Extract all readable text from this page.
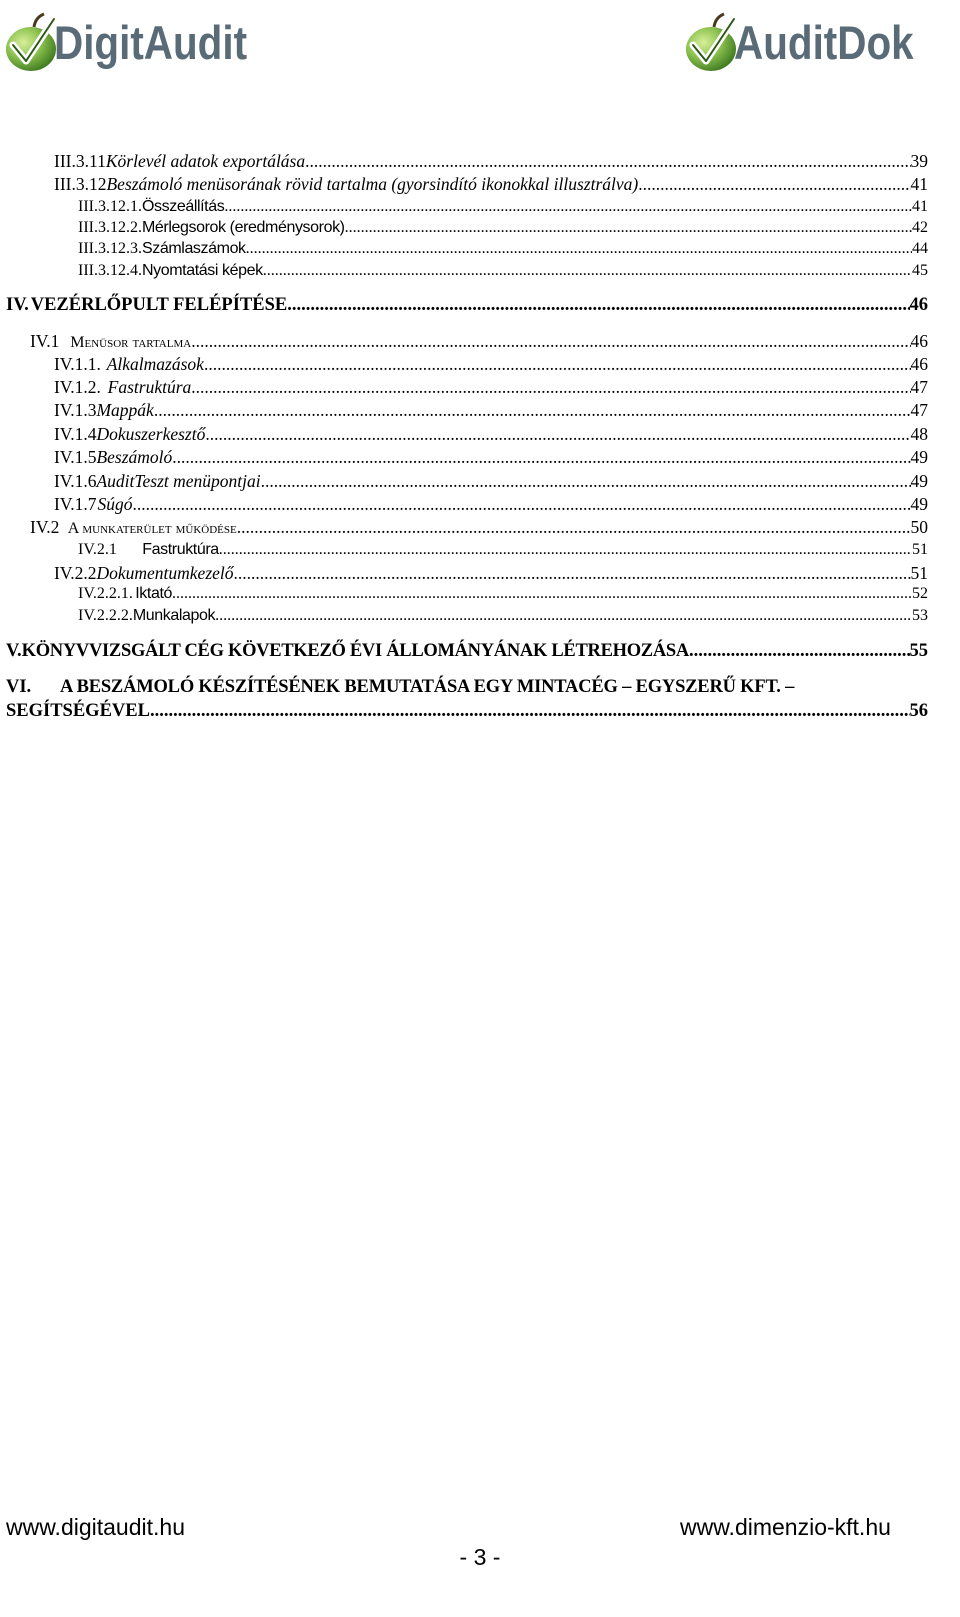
DigitAudit	AuditDok
III.3.11 Körlevél adatok exportálása .....	39
III.3.12 Beszámoló menüsorának rövid tartalma (gyorsindító ikonokkal illusztrálva) .....	41
III.3.12.1. Összeállítás .....	41
III.3.12.2. Mérlegsorok (eredménysorok) .....	42
III.3.12.3. Számlaszámok .....	44
III.3.12.4. Nyomtatási képek .....	45
IV. VEZÉRLŐPULT FELÉPÍTÉSE .....	46
IV.1 Menüsor tartalma .....	46
IV.1.1. Alkalmazások .....	46
IV.1.2. Fastruktúra .....	47
IV.1.3 Mappák .....	47
IV.1.4 Dokuszerkesztő .....	48
IV.1.5 Beszámoló .....	49
IV.1.6 AuditTeszt menüpontjai .....	49
IV.1.7 Súgó .....	49
IV.2 A munkaterület működése .....	50
IV.2.1	Fastruktúra .....	51
IV.2.2 Dokumentumkezelő .....	51
IV.2.2.1. Iktató .....	52
IV.2.2.2. Munkalapok .....	53
V. KÖNYVVIZSGÁLT CÉG KÖVETKEZŐ ÉVI ÁLLOMÁNYÁNAK LÉTREHOZÁSA .....	55
VI.	A BESZÁMOLÓ KÉSZÍTÉSÉNEK BEMUTATÁSA EGY MINTACÉG – EGYSZERŰ KFT. –
SEGÍTSÉGÉVEL .....	56
www.digitaudit.hu	www.dimenzio-kft.hu
- 3 -
